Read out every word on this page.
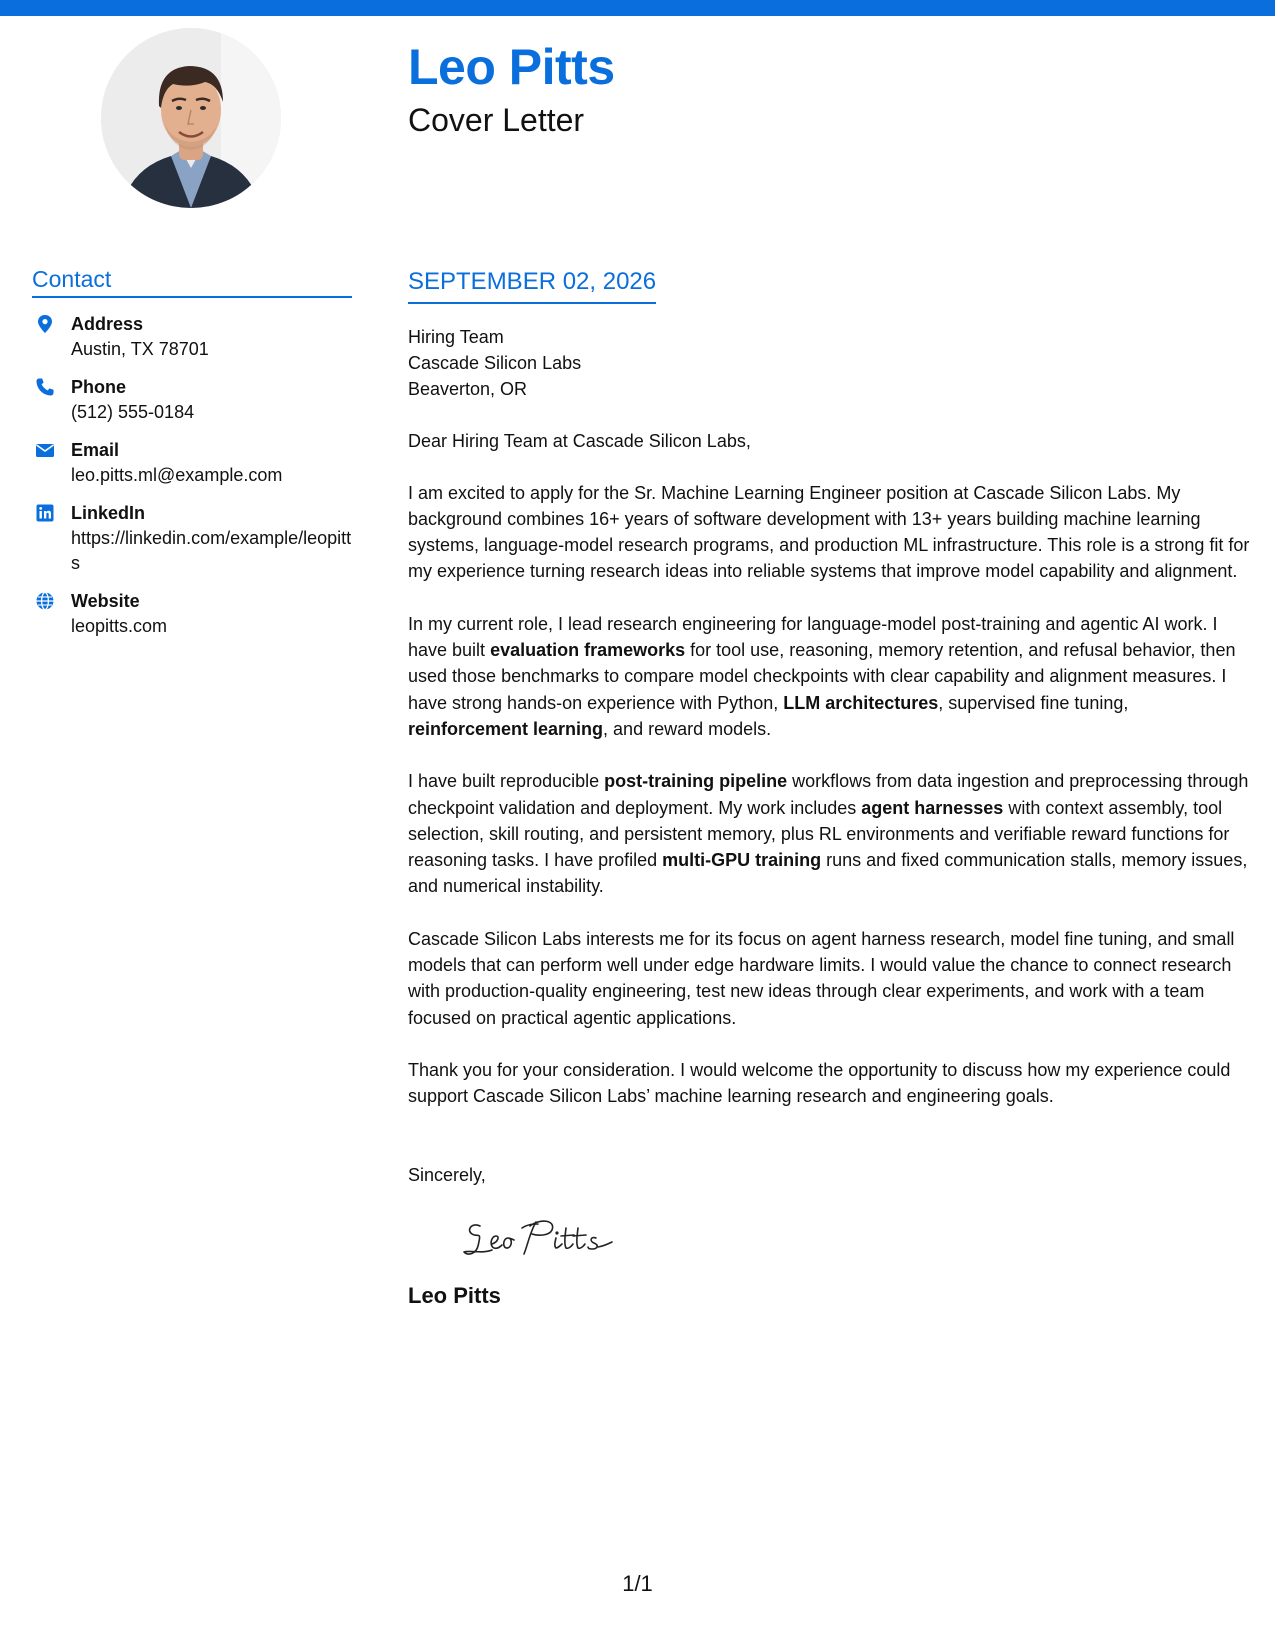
Leo Pitts
Cover Letter
Contact
Address
Austin, TX 78701
Phone
(512) 555-0184
Email
leo.pitts.ml@example.com
LinkedIn
https://linkedin.com/example/leopitts
Website
leopitts.com
SEPTEMBER 02, 2026
Hiring Team
Cascade Silicon Labs
Beaverton, OR
Dear Hiring Team at Cascade Silicon Labs,
I am excited to apply for the Sr. Machine Learning Engineer position at Cascade Silicon Labs. My background combines 16+ years of software development with 13+ years building machine learning systems, language-model research programs, and production ML infrastructure. This role is a strong fit for my experience turning research ideas into reliable systems that improve model capability and alignment.
In my current role, I lead research engineering for language-model post-training and agentic AI work. I have built evaluation frameworks for tool use, reasoning, memory retention, and refusal behavior, then used those benchmarks to compare model checkpoints with clear capability and alignment measures. I have strong hands-on experience with Python, LLM architectures, supervised fine tuning, reinforcement learning, and reward models.
I have built reproducible post-training pipeline workflows from data ingestion and preprocessing through checkpoint validation and deployment. My work includes agent harnesses with context assembly, tool selection, skill routing, and persistent memory, plus RL environments and verifiable reward functions for reasoning tasks. I have profiled multi-GPU training runs and fixed communication stalls, memory issues, and numerical instability.
Cascade Silicon Labs interests me for its focus on agent harness research, model fine tuning, and small models that can perform well under edge hardware limits. I would value the chance to connect research with production-quality engineering, test new ideas through clear experiments, and work with a team focused on practical agentic applications.
Thank you for your consideration. I would welcome the opportunity to discuss how my experience could support Cascade Silicon Labs’ machine learning research and engineering goals.
Sincerely,
Leo Pitts
1/1
